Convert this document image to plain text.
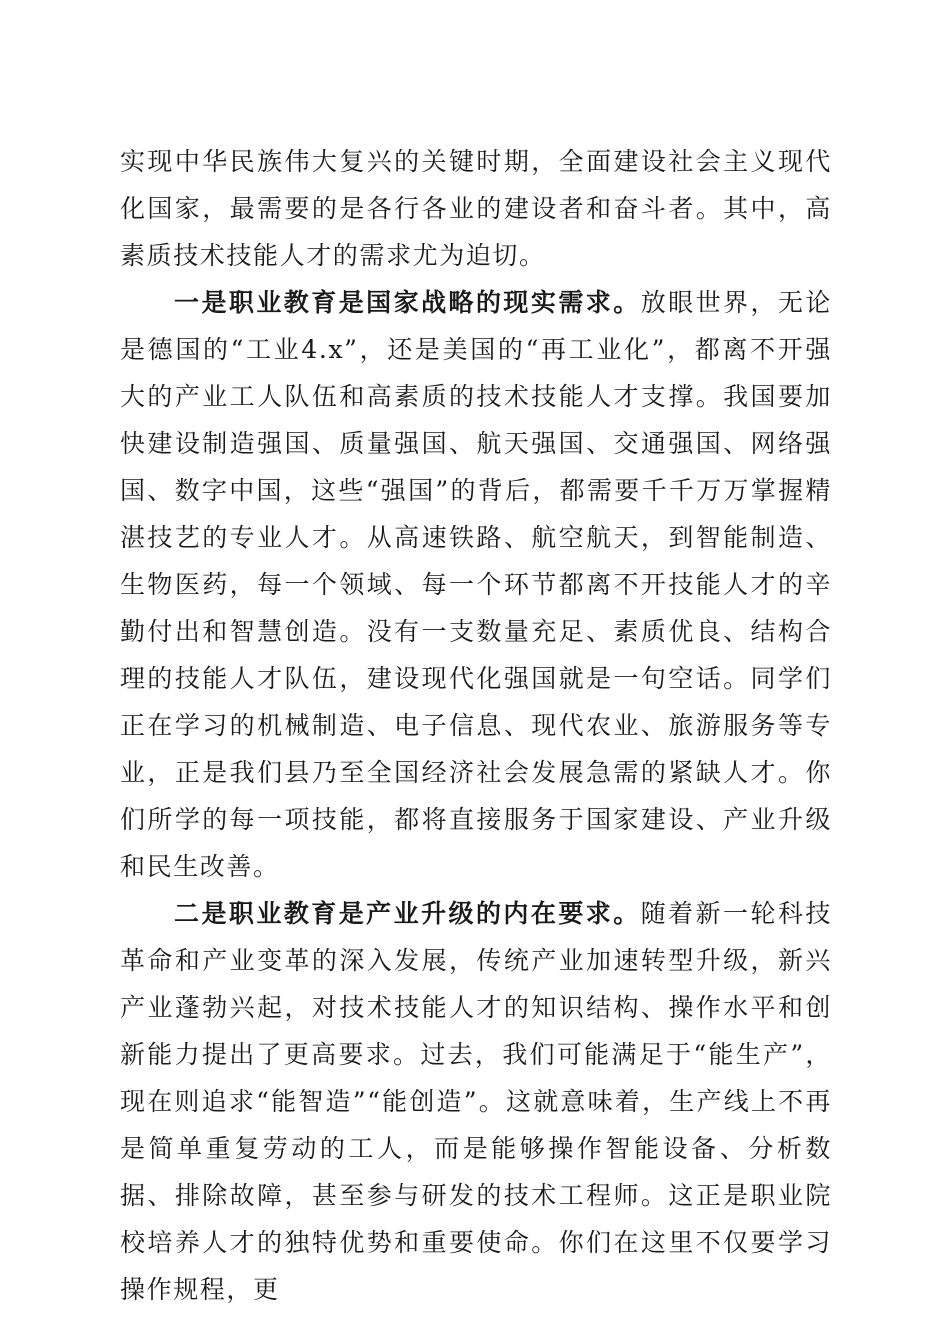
实现中华民族伟大复兴的关键时期，全面建设社会主义现代化国家，最需要的是各行各业的建设者和奋斗者。其中，高素质技术技能人才的需求尤为迫切。

一是职业教育是国家战略的现实需求。放眼世界，无论是德国的“工业4.x”，还是美国的“再工业化”，都离不开强大的产业工人队伍和高素质的技术技能人才支撑。我国要加快建设制造强国、质量强国、航天强国、交通强国、网络强国、数字中国，这些“强国”的背后，都需要千千万万掌握精湛技艺的专业人才。从高速铁路、航空航天，到智能制造、生物医药，每一个领域、每一个环节都离不开技能人才的辛勤付出和智慧创造。没有一支数量充足、素质优良、结构合理的技能人才队伍，建设现代化强国就是一句空话。同学们正在学习的机械制造、电子信息、现代农业、旅游服务等专业，正是我们县乃至全国经济社会发展急需的紧缺人才。你们所学的每一项技能，都将直接服务于国家建设、产业升级和民生改善。

二是职业教育是产业升级的内在要求。随着新一轮科技革命和产业变革的深入发展，传统产业加速转型升级，新兴产业蓬勃兴起，对技术技能人才的知识结构、操作水平和创新能力提出了更高要求。过去，我们可能满足于“能生产”，现在则追求“能智造”“能创造”。这就意味着，生产线上不再是简单重复劳动的工人，而是能够操作智能设备、分析数据、排除故障，甚至参与研发的技术工程师。这正是职业院校培养人才的独特优势和重要使命。你们在这里不仅要学习操作规程，更
